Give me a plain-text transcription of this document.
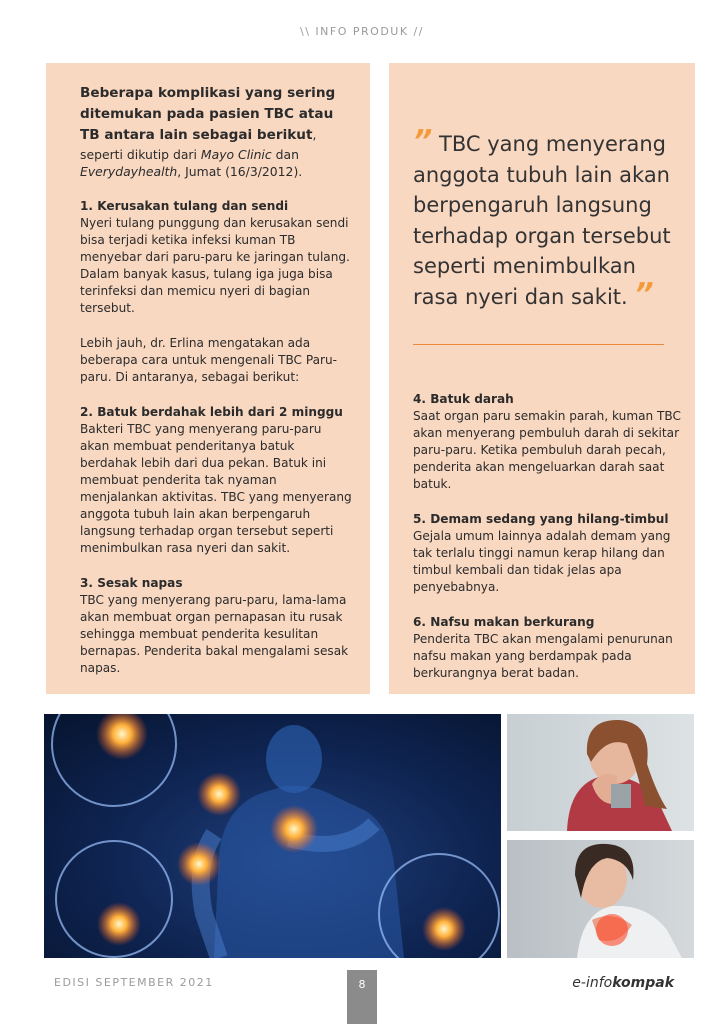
\\ INFO PRODUK //

Beberapa komplikasi yang sering ditemukan pada pasien TBC atau TB antara lain sebagai berikut, seperti dikutip dari Mayo Clinic dan Everydayhealth, Jumat (16/3/2012).

1. Kerusakan tulang dan sendi

Nyeri tulang punggung dan kerusakan sendi bisa terjadi ketika infeksi kuman TB menyebar dari paru-paru ke jaringan tulang. Dalam banyak kasus, tulang iga juga bisa terinfeksi dan memicu nyeri di bagian tersebut.

Lebih jauh, dr. Erlina mengatakan ada beberapa cara untuk mengenali TBC Paru-paru. Di antaranya, sebagai berikut:

2. Batuk berdahak lebih dari 2 minggu

Bakteri TBC yang menyerang paru-paru akan membuat penderitanya batuk berdahak lebih dari dua pekan. Batuk ini membuat penderita tak nyaman menjalankan aktivitas. TBC yang menyerang anggota tubuh lain akan berpengaruh langsung terhadap organ tersebut seperti menimbulkan rasa nyeri dan sakit.

3. Sesak napas

TBC yang menyerang paru-paru, lama-lama akan membuat organ pernapasan itu rusak sehingga membuat penderita kesulitan bernapas. Penderita bakal mengalami sesak napas.

” TBC yang menyerang anggota tubuh lain akan berpengaruh langsung terhadap organ tersebut seperti menimbulkan rasa nyeri dan sakit. ”
4. Batuk darah

Saat organ paru semakin parah, kuman TBC akan menyerang pembuluh darah di sekitar paru-paru. Ketika pembuluh darah pecah, penderita akan mengeluarkan darah saat batuk.

5. Demam sedang yang hilang-timbul

Gejala umum lainnya adalah demam yang tak terlalu tinggi namun kerap hilang dan timbul kembali dan tidak jelas apa penyebabnya.

6. Nafsu makan berkurang

Penderita TBC akan mengalami penurunan nafsu makan yang berdampak pada berkurangnya berat badan.

EDISI SEPTEMBER 2021	8	e-infokompak
